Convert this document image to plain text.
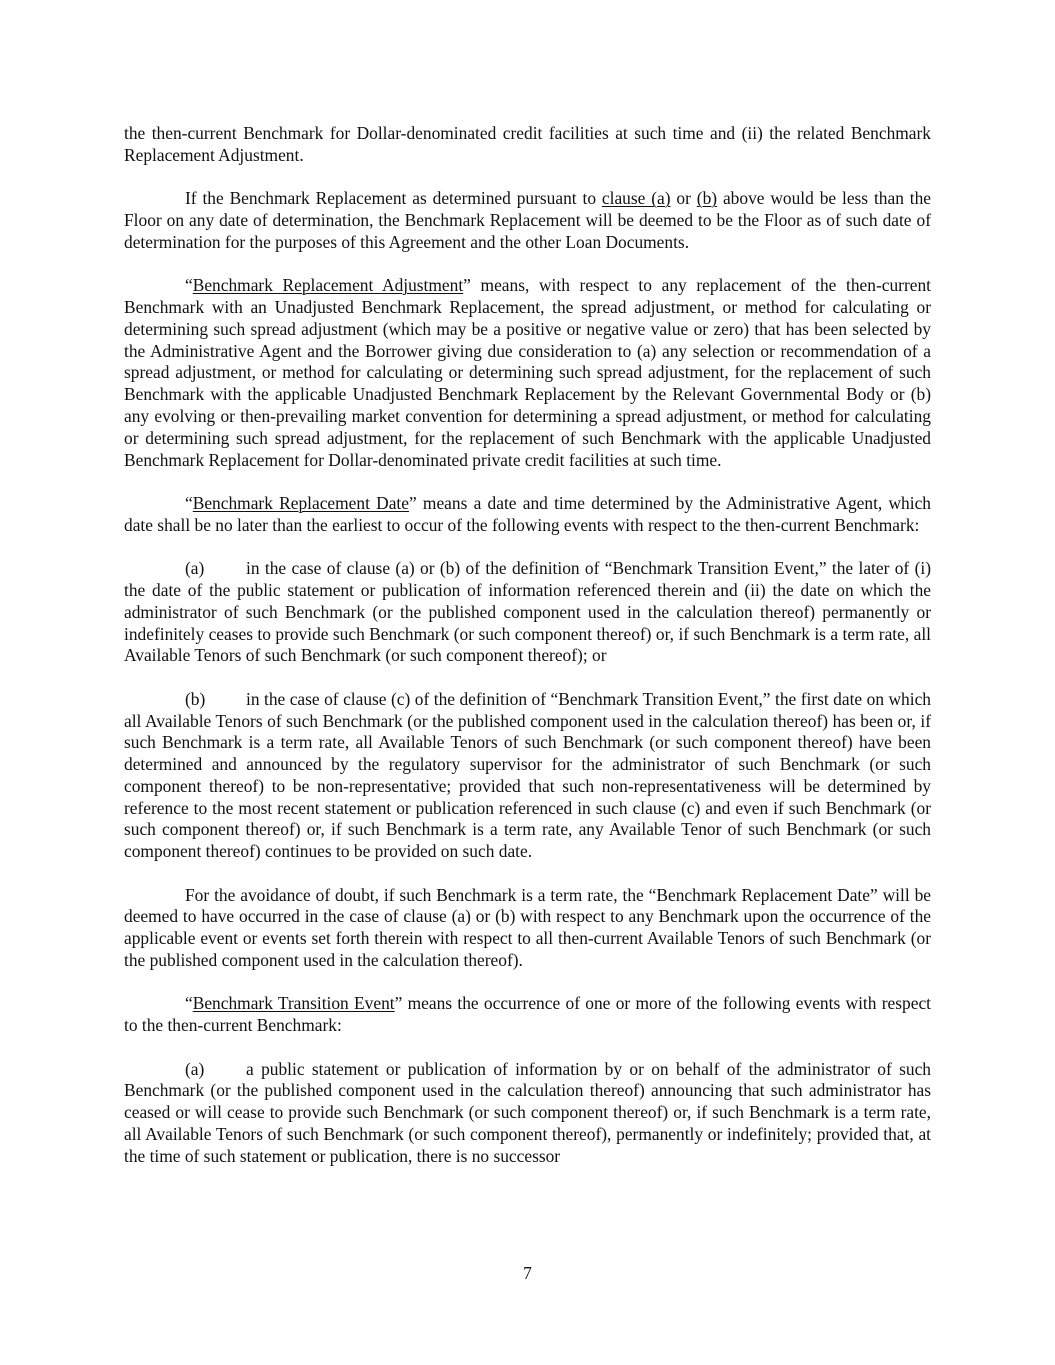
the then-current Benchmark for Dollar-denominated credit facilities at such time and (ii) the related Benchmark Replacement Adjustment.

If the Benchmark Replacement as determined pursuant to clause (a) or (b) above would be less than the Floor on any date of determination, the Benchmark Replacement will be deemed to be the Floor as of such date of determination for the purposes of this Agreement and the other Loan Documents.

“Benchmark Replacement Adjustment” means, with respect to any replacement of the then-current Benchmark with an Unadjusted Benchmark Replacement, the spread adjustment, or method for calculating or determining such spread adjustment (which may be a positive or negative value or zero) that has been selected by the Administrative Agent and the Borrower giving due consideration to (a) any selection or recommendation of a spread adjustment, or method for calculating or determining such spread adjustment, for the replacement of such Benchmark with the applicable Unadjusted Benchmark Replacement by the Relevant Governmental Body or (b) any evolving or then-prevailing market convention for determining a spread adjustment, or method for calculating or determining such spread adjustment, for the replacement of such Benchmark with the applicable Unadjusted Benchmark Replacement for Dollar-denominated private credit facilities at such time.

“Benchmark Replacement Date” means a date and time determined by the Administrative Agent, which date shall be no later than the earliest to occur of the following events with respect to the then-current Benchmark:

(a) in the case of clause (a) or (b) of the definition of “Benchmark Transition Event,” the later of (i) the date of the public statement or publication of information referenced therein and (ii) the date on which the administrator of such Benchmark (or the published component used in the calculation thereof) permanently or indefinitely ceases to provide such Benchmark (or such component thereof) or, if such Benchmark is a term rate, all Available Tenors of such Benchmark (or such component thereof); or

(b) in the case of clause (c) of the definition of “Benchmark Transition Event,” the first date on which all Available Tenors of such Benchmark (or the published component used in the calculation thereof) has been or, if such Benchmark is a term rate, all Available Tenors of such Benchmark (or such component thereof) have been determined and announced by the regulatory supervisor for the administrator of such Benchmark (or such component thereof) to be non-representative; provided that such non-representativeness will be determined by reference to the most recent statement or publication referenced in such clause (c) and even if such Benchmark (or such component thereof) or, if such Benchmark is a term rate, any Available Tenor of such Benchmark (or such component thereof) continues to be provided on such date.

For the avoidance of doubt, if such Benchmark is a term rate, the “Benchmark Replacement Date” will be deemed to have occurred in the case of clause (a) or (b) with respect to any Benchmark upon the occurrence of the applicable event or events set forth therein with respect to all then-current Available Tenors of such Benchmark (or the published component used in the calculation thereof).

“Benchmark Transition Event” means the occurrence of one or more of the following events with respect to the then-current Benchmark:

(a) a public statement or publication of information by or on behalf of the administrator of such Benchmark (or the published component used in the calculation thereof) announcing that such administrator has ceased or will cease to provide such Benchmark (or such component thereof) or, if such Benchmark is a term rate, all Available Tenors of such Benchmark (or such component thereof), permanently or indefinitely; provided that, at the time of such statement or publication, there is no successor

7
